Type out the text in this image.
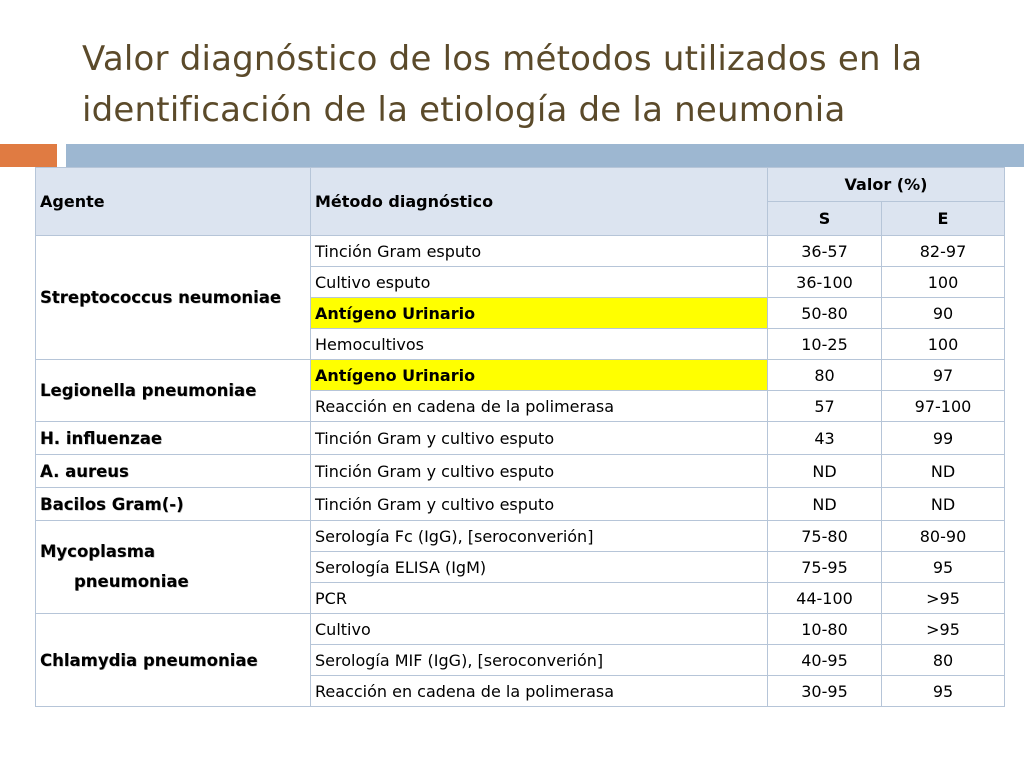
Valor diagnóstico de los métodos utilizados en la
identificación de la etiología de la neumonia
Agente	Método diagnóstico	Valor (%)	
		S	E
Streptococcus neumoniae	Tinción Gram esputo	36-57	82-97
	Cultivo esputo	36-100	100
	Antígeno Urinario	50-80	90
	Hemocultivos	10-25	100
Legionella pneumoniae	Antígeno Urinario	80	97
	Reacción en cadena de la polimerasa	57	97-100
H. influenzae	Tinción Gram y cultivo esputo	43	99
A. aureus	Tinción Gram y cultivo esputo	ND	ND
Bacilos Gram(-)	Tinción Gram y cultivo esputo	ND	ND
Mycoplasma
pneumoniae	Serología Fc (IgG), [seroconverión]	75-80	80-90
	Serología ELISA (IgM)	75-95	95
	PCR	44-100	>95
Chlamydia pneumoniae	Cultivo	10-80	>95
	Serología MIF (IgG), [seroconverión]	40-95	80
	Reacción en cadena de la polimerasa	30-95	95
